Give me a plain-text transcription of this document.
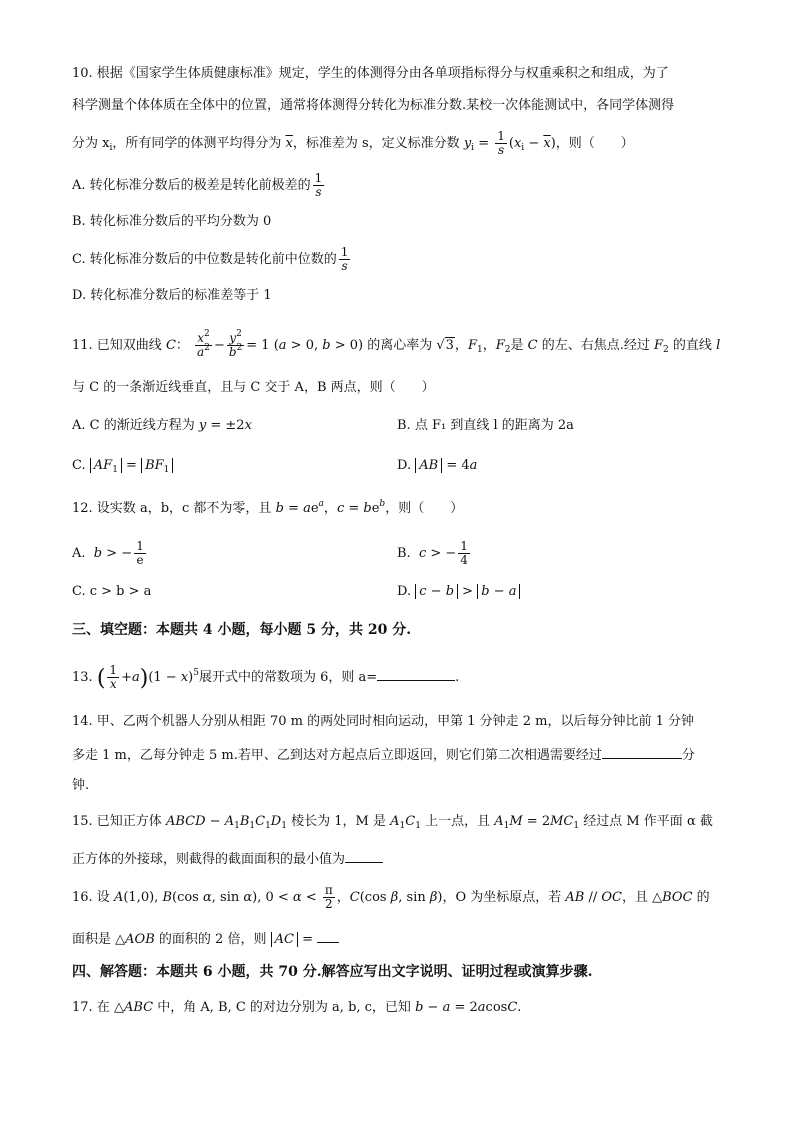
10. 根据《国家学生体质健康标准》规定，学生的体测得分由各单项指标得分与权重乘积之和组成，为了
科学测量个体体质在全体中的位置，通常将体测得分转化为标准分数.某校一次体能测试中，各同学体测得
分为 $x_i$，所有同学的体测平均得分为 $\overline{x}$，标准差为 s，定义标准分数 $y_i = \frac{1}{s} (x_i - \overline{x})$，则（　　）
A. 转化标准分数后的极差是转化前极差的 $\frac{1}{s}$
B. 转化标准分数后的平均分数为 0
C. 转化标准分数后的中位数是转化前中位数的 $\frac{1}{s}$
D. 转化标准分数后的标准差等于 1
11. 已知双曲线 C： $\frac{x^2}{a^2} - \frac{y^2}{b^2} = 1$ (a > 0, b > 0) 的离心率为 √3，$F_1$，$F_2$是 C 的左、右焦点.经过 $F_2$ 的直线 l
与 C 的一条渐近线垂直，且与 C 交于 A，B 两点，则（　　）
A. C 的渐近线方程为 y = ±2x	B. 点 F₁ 到直线 l 的距离为 2a
C. $AF_1 = BF_1$	D. AB = 4a
12. 设实数 a，b，c 都不为零，且 $b = ae^a$，$c = be^b$，则（　　）
A. b > − $\frac{1}{e}$	B. c > − $\frac{1}{4}$
C. c > b > a	D. c − b > b − a
三、填空题：本题共 4 小题，每小题 5 分，共 20 分.
13. ( $\frac{1}{x} +a)(1 - x)^5$展开式中的常数项为 6，则 a=	.
14. 甲、乙两个机器人分别从相距 70 m 的两处同时相向运动，甲第 1 分钟走 2 m，以后每分钟比前 1 分钟
多走 1 m，乙每分钟走 5 m.若甲、乙到达对方起点后立即返回，则它们第二次相遇需要经过	分
钟.
15. 已知正方体 ABCD − $A_1B_1C_1D_1$ 棱长为 1，M 是 $A_1C_1$ 上一点，且 $A_1M = 2MC_1$ 经过点 M 作平面 α 截
正方体的外接球，则截得的截面面积的最小值为
16. 设 A(1,0), B(cos α, sin α), $0 < \alpha < \frac{\pi}{2}$ ，C(cos β, sin β)，O 为坐标原点，若 AB // OC，且 △BOC 的
面积是 △AOB 的面积的 2 倍，则 AC =
四、解答题：本题共 6 小题，共 70 分.解答应写出文字说明、证明过程或演算步骤.
17. 在 △ABC 中，角 A, B, C 的对边分别为 a, b, c，已知 b − a = 2acosC.
